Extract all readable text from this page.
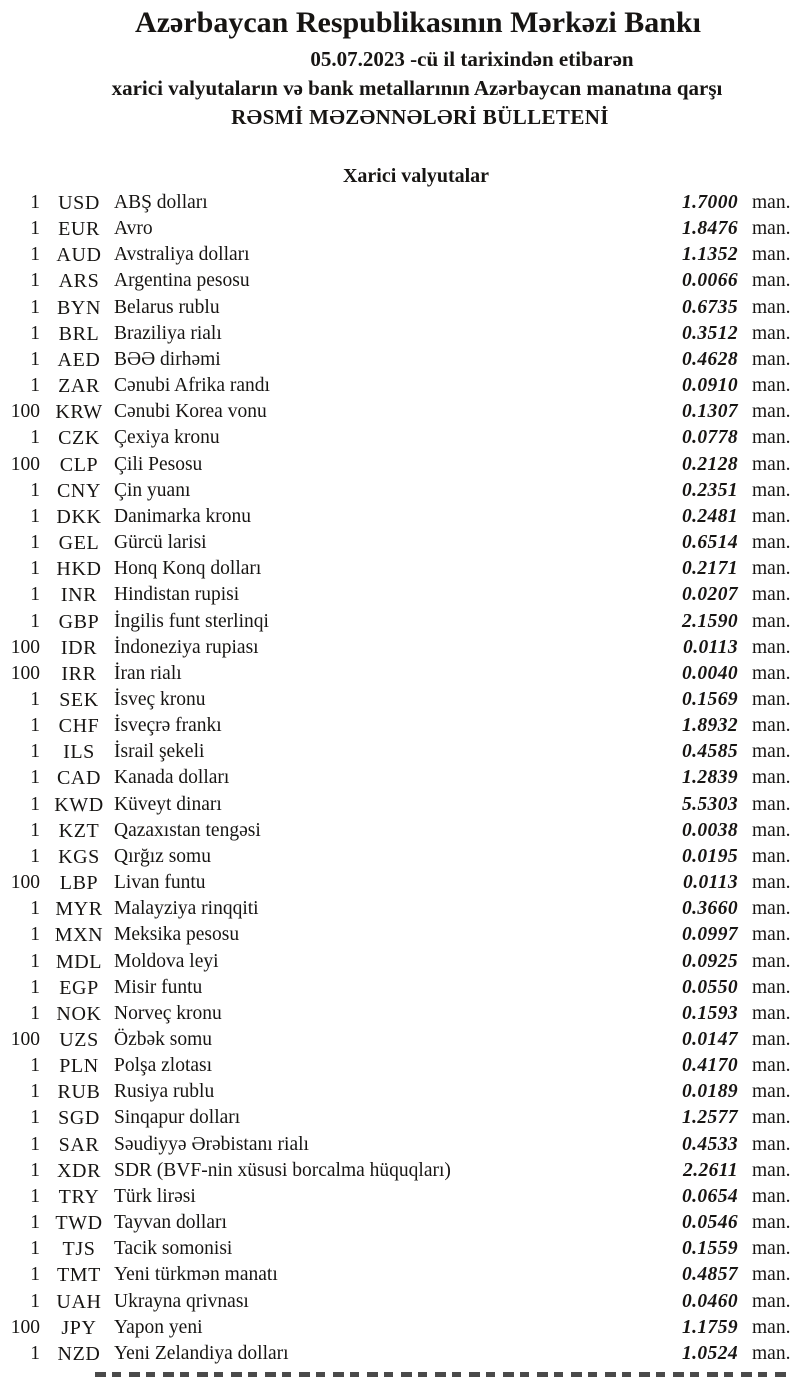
Azərbaycan Respublikasının Mərkəzi Bankı
05.07.2023 -cü il tarixindən etibarən
xarici valyutaların və bank metallarının Azərbaycan manatına qarşı
RƏSMİ MƏZƏNNƏLƏRİ BÜLLETENİ
Xarici valyutalar
1 USD ABŞ dolları	1.7000 man.
1 EUR Avro	1.8476 man.
1 AUD Avstraliya dolları	1.1352 man.
1 ARS Argentina pesosu	0.0066 man.
1 BYN Belarus rublu	0.6735 man.
1 BRL Braziliya rialı	0.3512 man.
1 AED BƏƏ dirhəmi	0.4628 man.
1 ZAR Cənubi Afrika randı	0.0910 man.
100 KRW Cənubi Korea vonu	0.1307 man.
1 CZK Çexiya kronu	0.0778 man.
100 CLP Çili Pesosu	0.2128 man.
1 CNY Çin yuanı	0.2351 man.
1 DKK Danimarka kronu	0.2481 man.
1 GEL Gürcü larisi	0.6514 man.
1 HKD Honq Konq dolları	0.2171 man.
1	INR Hindistan rupisi	0.0207 man.
1 GBP İngilis funt sterlinqi	2.1590 man.
100	IDR İndoneziya rupiası	0.0113 man.
100	IRR İran rialı	0.0040 man.
1 SEK İsveç kronu	0.1569 man.
1 CHF İsveçrə frankı	1.8932 man.
1	ILS İsrail şekeli	0.4585 man.
1 CAD Kanada dolları	1.2839 man.
1 KWD Küveyt dinarı	5.5303 man.
1 KZT Qazaxıstan tengəsi	0.0038 man.
1 KGS Qırğız somu	0.0195 man.
100 LBP Livan funtu	0.0113 man.
1 MYR Malayziya rinqqiti	0.3660 man.
1 MXN Meksika pesosu	0.0997 man.
1 MDL Moldova leyi	0.0925 man.
1 EGP Misir funtu	0.0550 man.
1 NOK Norveç kronu	0.1593 man.
100 UZS Özbək somu	0.0147 man.
1 PLN Polşa zlotası	0.4170 man.
1 RUB Rusiya rublu	0.0189 man.
1 SGD Sinqapur dolları	1.2577 man.
1 SAR Səudiyyə Ərəbistanı rialı	0.4533 man.
1 XDR SDR (BVF-nin xüsusi borcalma hüquqları)	2.2611 man.
1 TRY Türk lirəsi	0.0654 man.
1 TWD Tayvan dolları	0.0546 man.
1	TJS Tacik somonisi	0.1559 man.
1 TMT Yeni türkmən manatı	0.4857 man.
1 UAH Ukrayna qrivnası	0.0460 man.
100	JPY Yapon yeni	1.1759 man.
1 NZD Yeni Zelandiya dolları	1.0524 man.
